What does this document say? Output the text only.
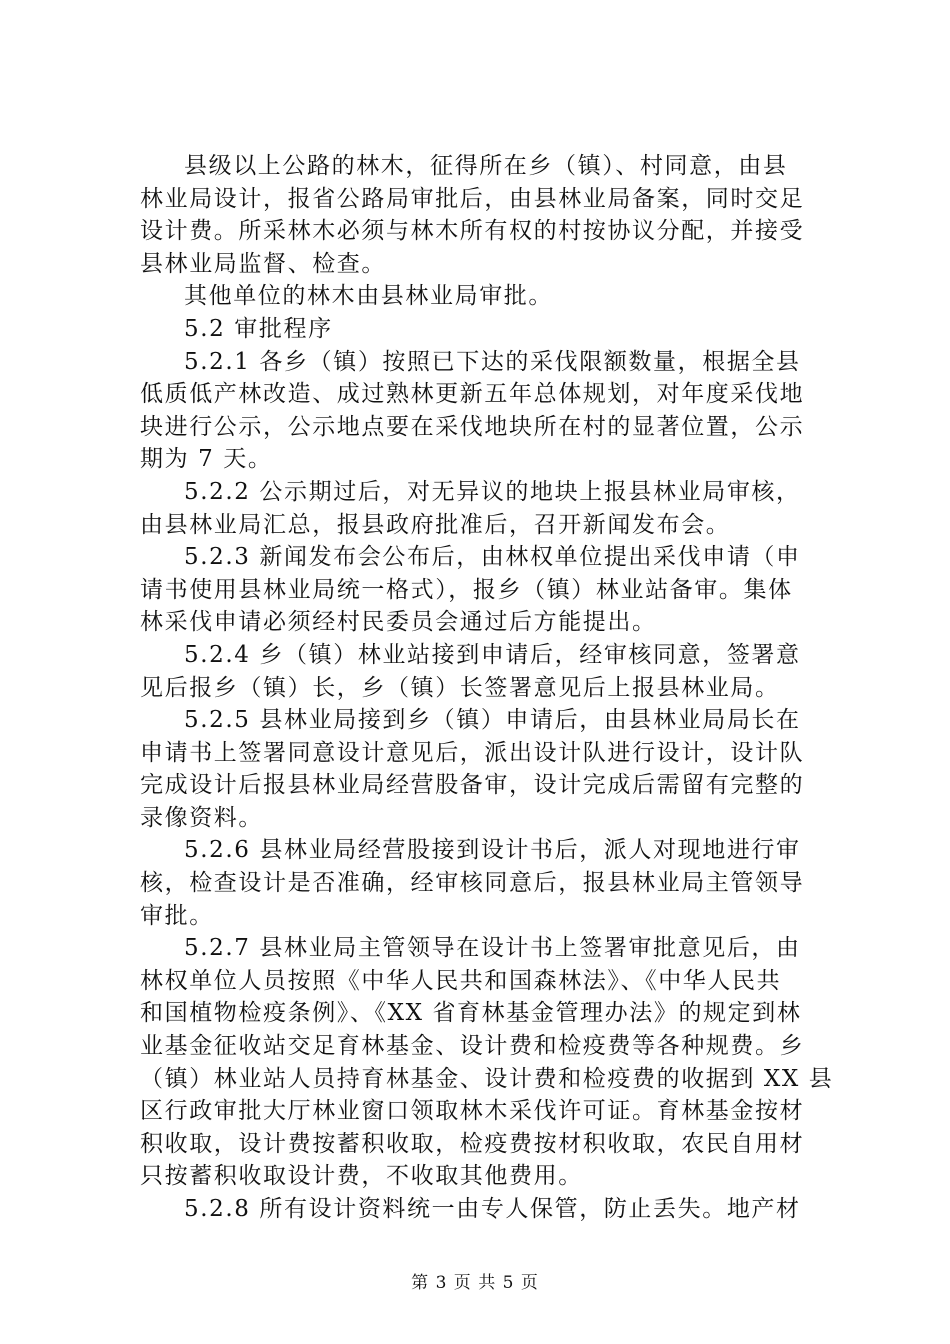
县级以上公路的林木，征得所在乡（镇）、村同意，由县
林业局设计，报省公路局审批后，由县林业局备案，同时交足
设计费。所采林木必须与林木所有权的村按协议分配，并接受
县林业局监督、检查。
其他单位的林木由县林业局审批。
5.2 审批程序
5.2.1 各乡（镇）按照已下达的采伐限额数量，根据全县
低质低产林改造、成过熟林更新五年总体规划，对年度采伐地
块进行公示，公示地点要在采伐地块所在村的显著位置，公示
期为 7 天。
5.2.2 公示期过后，对无异议的地块上报县林业局审核，
由县林业局汇总，报县政府批准后，召开新闻发布会。
5.2.3 新闻发布会公布后，由林权单位提出采伐申请（申
请书使用县林业局统一格式），报乡（镇）林业站备审。集体
林采伐申请必须经村民委员会通过后方能提出。
5.2.4 乡（镇）林业站接到申请后，经审核同意，签署意
见后报乡（镇）长，乡（镇）长签署意见后上报县林业局。
5.2.5 县林业局接到乡（镇）申请后，由县林业局局长在
申请书上签署同意设计意见后，派出设计队进行设计，设计队
完成设计后报县林业局经营股备审，设计完成后需留有完整的
录像资料。
5.2.6 县林业局经营股接到设计书后，派人对现地进行审
核，检查设计是否准确，经审核同意后，报县林业局主管领导
审批。
5.2.7 县林业局主管领导在设计书上签署审批意见后，由
林权单位人员按照《中华人民共和国森林法》、《中华人民共
和国植物检疫条例》、《XX 省育林基金管理办法》的规定到林
业基金征收站交足育林基金、设计费和检疫费等各种规费。乡
（镇）林业站人员持育林基金、设计费和检疫费的收据到 XX 县
区行政审批大厅林业窗口领取林木采伐许可证。育林基金按材
积收取，设计费按蓄积收取，检疫费按材积收取，农民自用材
只按蓄积收取设计费，不收取其他费用。
5.2.8 所有设计资料统一由专人保管，防止丢失。地产材
第 3 页 共 5 页
